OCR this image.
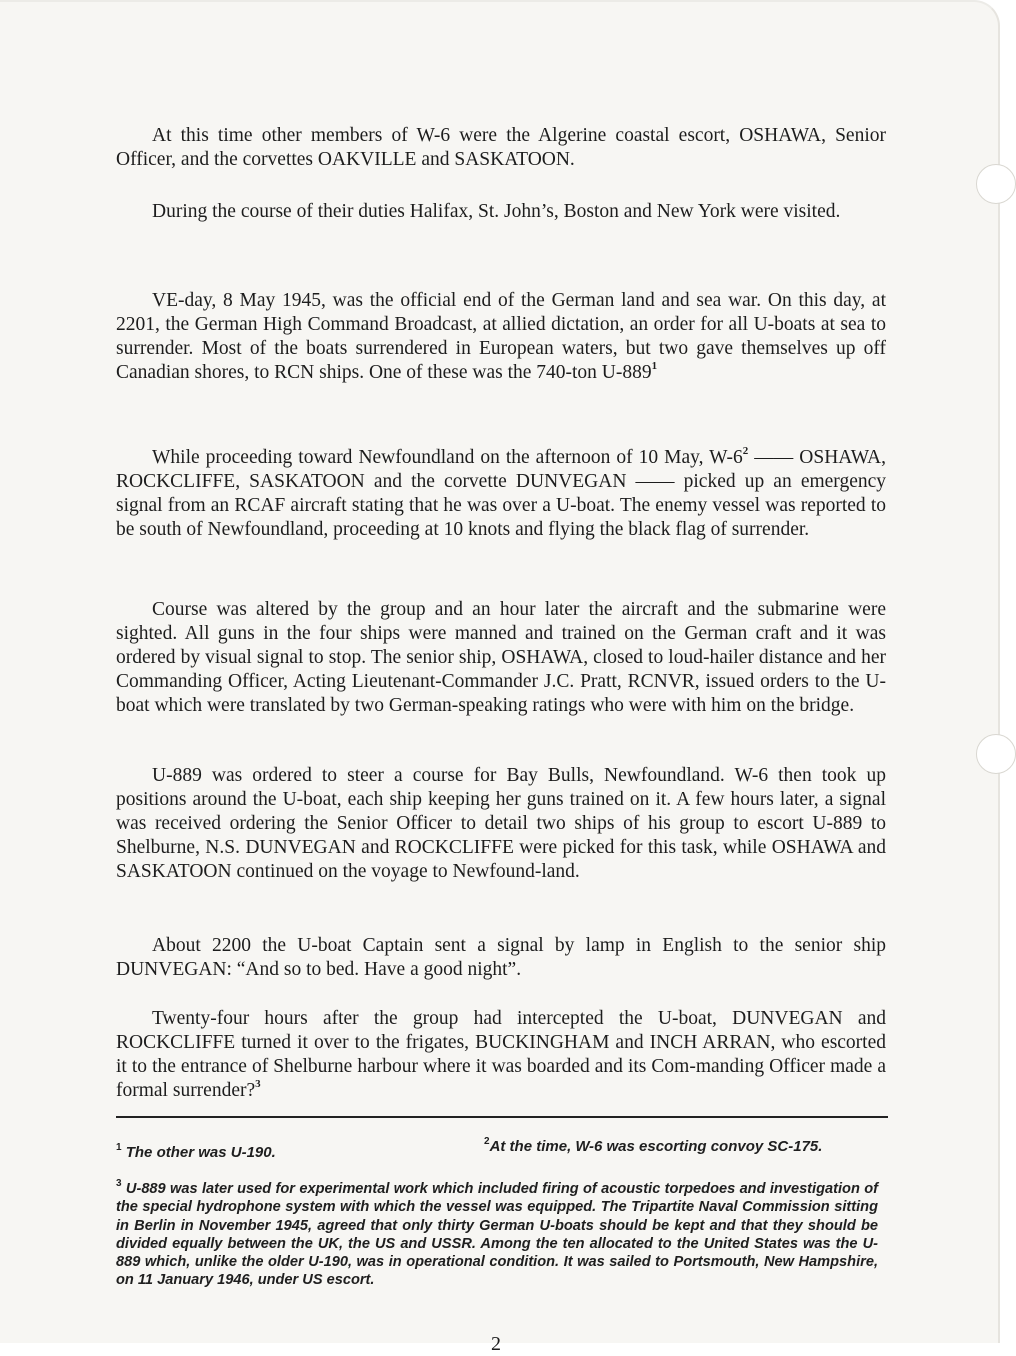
At this time other members of W-6 were the Algerine coastal escort, OSHAWA, Senior Officer, and the corvettes OAKVILLE and SASKATOON.

During the course of their duties Halifax, St. John’s, Boston and New York were visited.

VE-day, 8 May 1945, was the official end of the German land and sea war. On this day, at 2201, the German High Command Broadcast, at allied dictation, an order for all U-boats at sea to surrender. Most of the boats surrendered in European waters, but two gave themselves up off Canadian shores, to RCN ships. One of these was the 740-ton $U-889^1$

While proceeding toward Newfoundland on the afternoon of 10 May, $W-6^2$ —— OSHAWA, ROCKCLIFFE, SASKATOON and the corvette DUNVEGAN —— picked up an emergency signal from an RCAF aircraft stating that he was over a U-boat. The enemy vessel was reported to be south of Newfoundland, proceeding at 10 knots and flying the black flag of surrender.

Course was altered by the group and an hour later the aircraft and the submarine were sighted. All guns in the four ships were manned and trained on the German craft and it was ordered by visual signal to stop. The senior ship, OSHAWA, closed to loud-hailer distance and her Commanding Officer, Acting Lieutenant-Commander J.C. Pratt, RCNVR, issued orders to the U-boat which were translated by two German-speaking ratings who were with him on the bridge.

U-889 was ordered to steer a course for Bay Bulls, Newfoundland. W-6 then took up positions around the U-boat, each ship keeping her guns trained on it. A few hours later, a signal was received ordering the Senior Officer to detail two ships of his group to escort U-889 to Shelburne, N.S. DUNVEGAN and ROCKCLIFFE were picked for this task, while OSHAWA and SASKATOON continued on the voyage to Newfound-land.

About 2200 the U-boat Captain sent a signal by lamp in English to the senior ship DUNVEGAN: “And so to bed. Have a good night”.

Twenty-four hours after the group had intercepted the U-boat, DUNVEGAN and ROCKCLIFFE turned it over to the frigates, BUCKINGHAM and INCH ARRAN, who escorted it to the entrance of Shelburne harbour where it was boarded and its Com-manding Officer made a formal surrender?$^3$

$^1$ The other was U-190.
$^2$At the time, W-6 was escorting convoy SC-175.
$^3$ U-889 was later used for experimental work which included firing of acoustic torpedoes and investigation of the special hydrophone system with which the vessel was equipped. The Tripartite Naval Commission sitting in Berlin in November 1945, agreed that only thirty German U-boats should be kept and that they should be divided equally between the UK, the US and USSR. Among the ten allocated to the United States was the U-889 which, unlike the older U-190, was in operational condition. It was sailed to Portsmouth, New Hampshire, on 11 January 1946, under US escort.
2
